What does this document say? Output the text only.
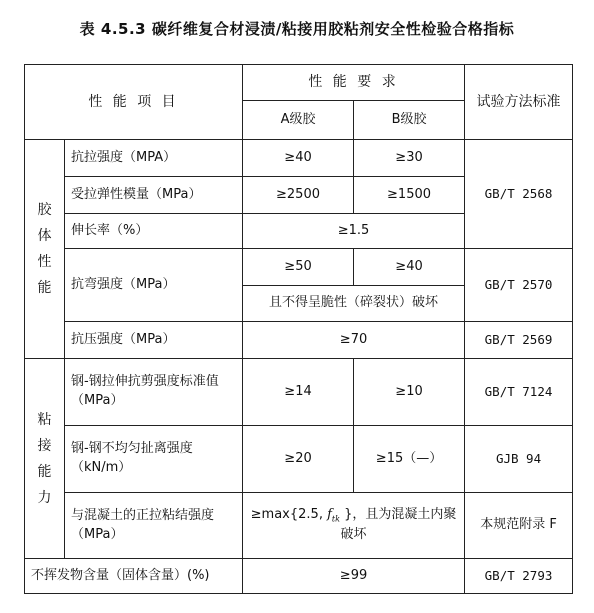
表 4.5.3 碳纤维复合材浸渍/粘接用胶粘剂安全性检验合格指标
性 能 项 目		性 能 要 求		试验方法标准
		A级胶	B级胶	

胶
体
性
能	抗拉强度（MPA）	≥40	≥30	GB/T 2568
	受拉弹性模量（MPa）	≥2500	≥1500	
	伸长率（%）	≥1.5		
	抗弯强度（MPa）	≥50	≥40	GB/T 2570
		且不得呈脆性（碎裂状）破坏		
	抗压强度（MPa）	≥70		GB/T 2569

粘
接
能
力	钢-钢拉伸抗剪强度标准值（MPa）	≥14	≥10	GB/T 7124
	钢-钢不均匀扯离强度（kN/m）	≥20	≥15（—）	GJB 94
	与混凝土的正拉粘结强度（MPa）	≥max{2.5, $f_{tk}$ }，且为混凝土内聚破坏		本规范附录 F
不挥发物含量（固体含量）(%)		≥99		GB/T 2793
